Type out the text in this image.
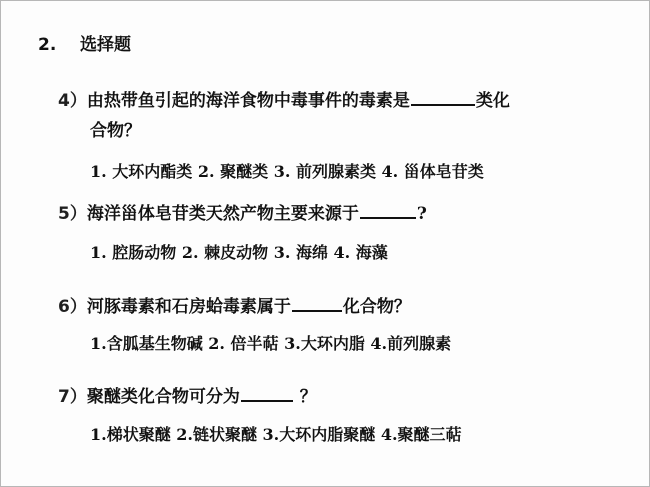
2. 选择题
4）由热带鱼引起的海洋食物中毒事件的毒素是	类化
合物？
1. 大环内酯类 2. 聚醚类 3. 前列腺素类 4. 甾体皂苷类
5）海洋甾体皂苷类天然产物主要来源于	?
1. 腔肠动物 2. 棘皮动物 3. 海绵 4. 海藻
6）河豚毒素和石房蛤毒素属于	化合物？
1.含胍基生物碱 2. 倍半萜 3.大环内脂 4.前列腺素
7）聚醚类化合物可分为	？
1.梯状聚醚 2.链状聚醚 3.大环内脂聚醚 4.聚醚三萜
